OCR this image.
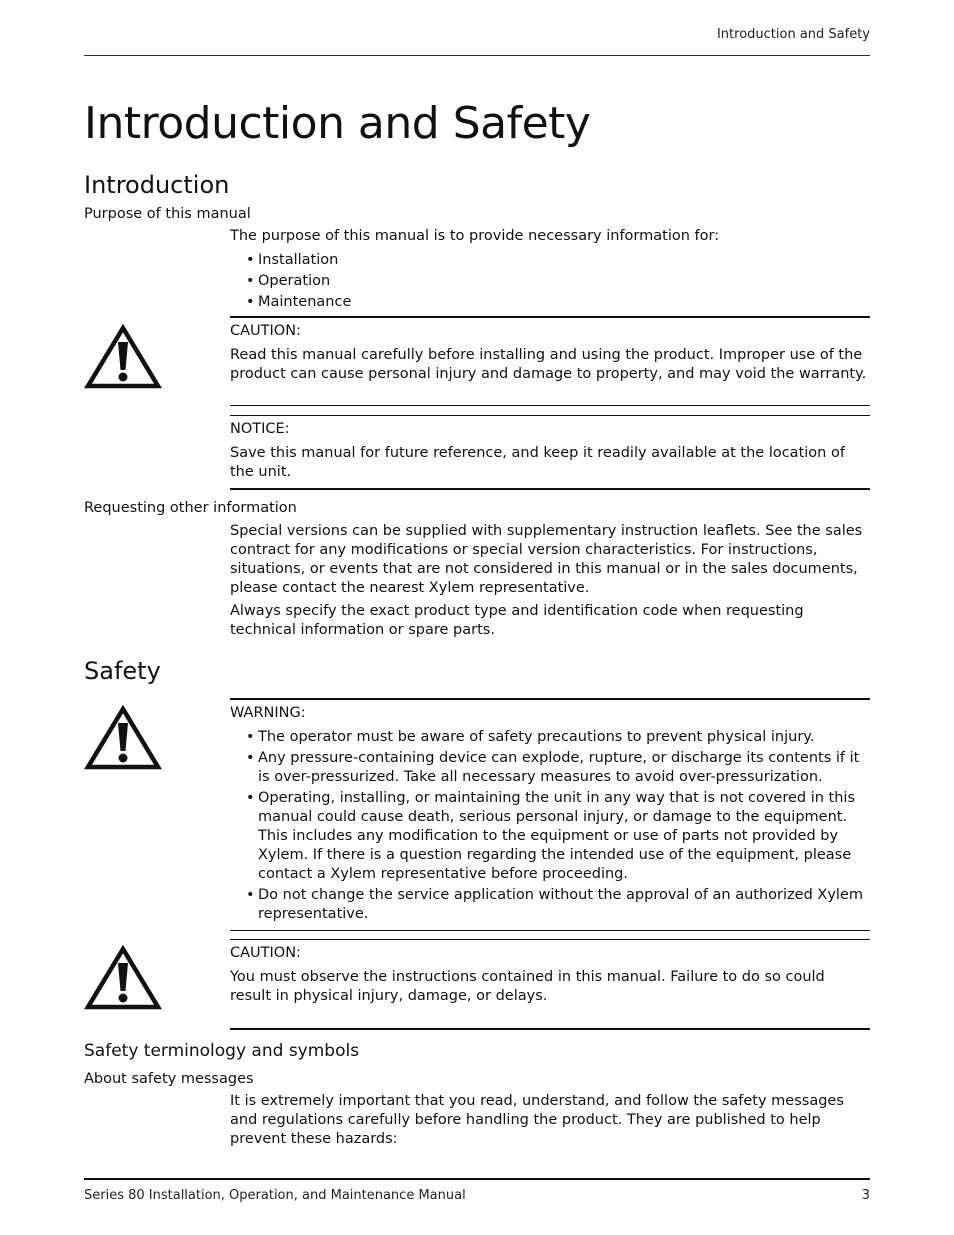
Introduction and Safety
Introduction and Safety
Introduction
Purpose of this manual

The purpose of this manual is to provide necessary information for:

• Installation
• Operation
• Maintenance
CAUTION:

Read this manual carefully before installing and using the product. Improper use of the product can cause personal injury and damage to property, and may void the warranty.

NOTICE:

Save this manual for future reference, and keep it readily available at the location of the unit.

Requesting other information

Special versions can be supplied with supplementary instruction leaflets. See the sales contract for any modifications or special version characteristics. For instructions, situations, or events that are not considered in this manual or in the sales documents, please contact the nearest Xylem representative.

Always specify the exact product type and identification code when requesting technical information or spare parts.

Safety
WARNING:
• The operator must be aware of safety precautions to prevent physical injury.
• Any pressure-containing device can explode, rupture, or discharge its contents if it is over-pressurized. Take all necessary measures to avoid over-pressurization.
• Operating, installing, or maintaining the unit in any way that is not covered in this manual could cause death, serious personal injury, or damage to the equipment. This includes any modification to the equipment or use of parts not provided by Xylem. If there is a question regarding the intended use of the equipment, please contact a Xylem representative before proceeding.
• Do not change the service application without the approval of an authorized Xylem representative.
CAUTION:

You must observe the instructions contained in this manual. Failure to do so could result in physical injury, damage, or delays.

Safety terminology and symbols
About safety messages

It is extremely important that you read, understand, and follow the safety messages and regulations carefully before handling the product. They are published to help prevent these hazards:

Series 80 Installation, Operation, and Maintenance Manual	3
